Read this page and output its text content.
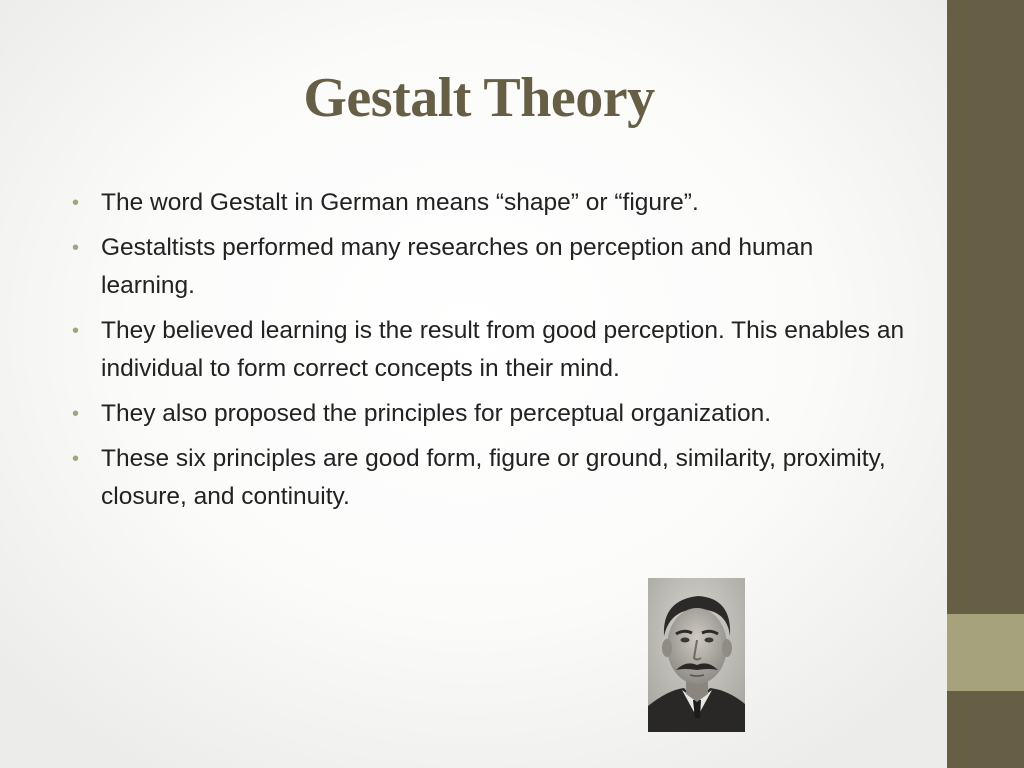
Gestalt Theory
• The word Gestalt in German means “shape” or “figure”.
• Gestaltists performed many researches on perception and human learning.
• They believed learning is the result from good perception. This enables an individual to form correct concepts in their mind.
• They also proposed the principles for perceptual organization.
• These six principles are good form, figure or ground, similarity, proximity, closure, and continuity.
